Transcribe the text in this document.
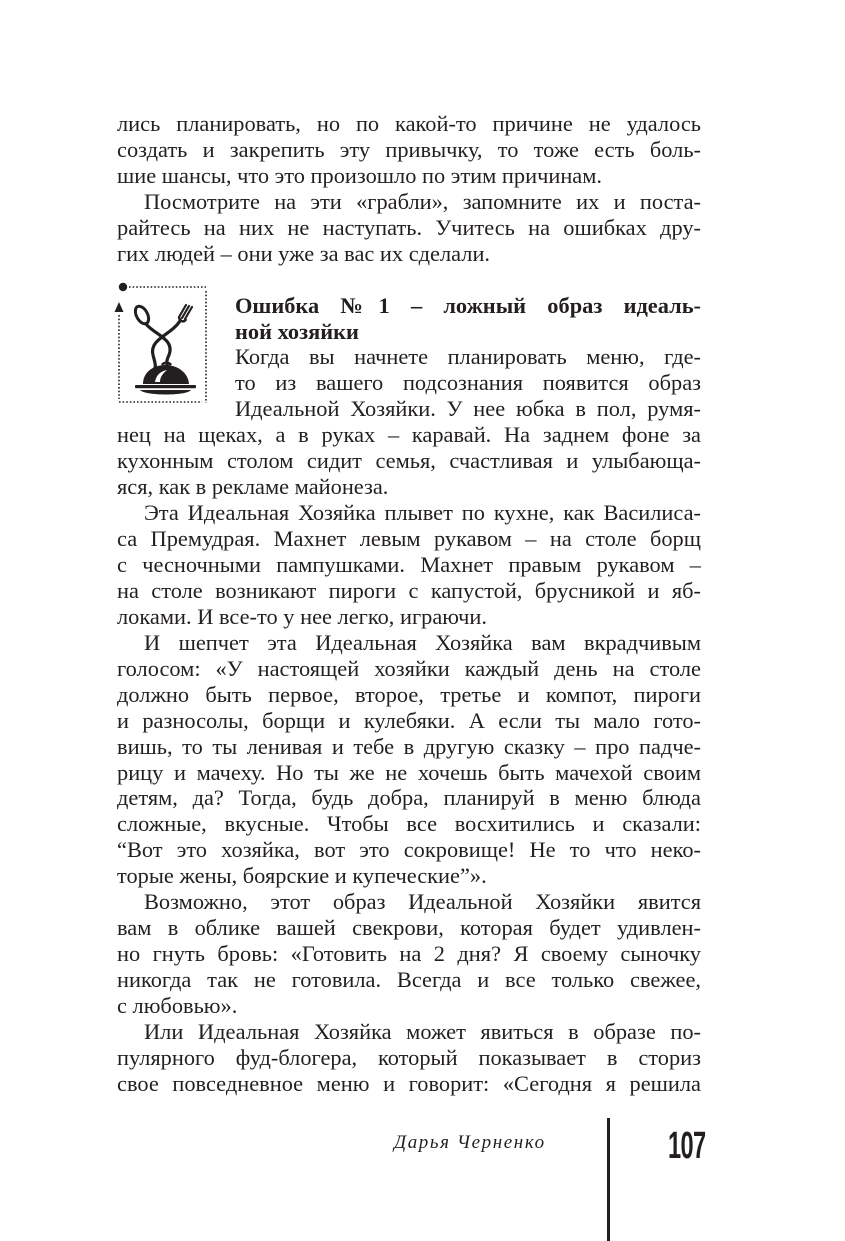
лись планировать, но по какой-то причине не удалось
создать и закрепить эту привычку, то тоже есть боль-
шие шансы, что это произошло по этим причинам.
Посмотрите на эти «грабли», запомните их и поста-
райтесь на них не наступать. Учитесь на ошибках дру-
гих людей – они уже за вас их сделали.
Ошибка №1 – ложный образ идеаль-
ной хозяйки
Когда вы начнете планировать меню, где-
то из вашего подсознания появится образ
Идеальной Хозяйки. У нее юбка в пол, румя-
нец на щеках, а в руках – каравай. На заднем фоне за
кухонным столом сидит семья, счастливая и улыбающа-
яся, как в рекламе майонеза.
Эта Идеальная Хозяйка плывет по кухне, как Василиса-
са Премудрая. Махнет левым рукавом – на столе борщ
с чесночными пампушками. Махнет правым рукавом –
на столе возникают пироги с капустой, брусникой и яб-
локами. И все-то у нее легко, играючи.
И шепчет эта Идеальная Хозяйка вам вкрадчивым
голосом: «У настоящей хозяйки каждый день на столе
должно быть первое, второе, третье и компот, пироги
и разносолы, борщи и кулебяки. А если ты мало гото-
вишь, то ты ленивая и тебе в другую сказку – про падче-
рицу и мачеху. Но ты же не хочешь быть мачехой своим
детям, да? Тогда, будь добра, планируй в меню блюда
сложные, вкусные. Чтобы все восхитились и сказали:
“Вот это хозяйка, вот это сокровище! Не то что неко-
торые жены, боярские и купеческие”».
Возможно, этот образ Идеальной Хозяйки явится
вам в облике вашей свекрови, которая будет удивлен-
но гнуть бровь: «Готовить на 2 дня? Я своему сыночку
никогда так не готовила. Всегда и все только свежее,
с любовью».
Или Идеальная Хозяйка может явиться в образе по-
пулярного фуд-блогера, который показывает в сториз
свое повседневное меню и говорит: «Сегодня я решила
Дарья Черненко	107
